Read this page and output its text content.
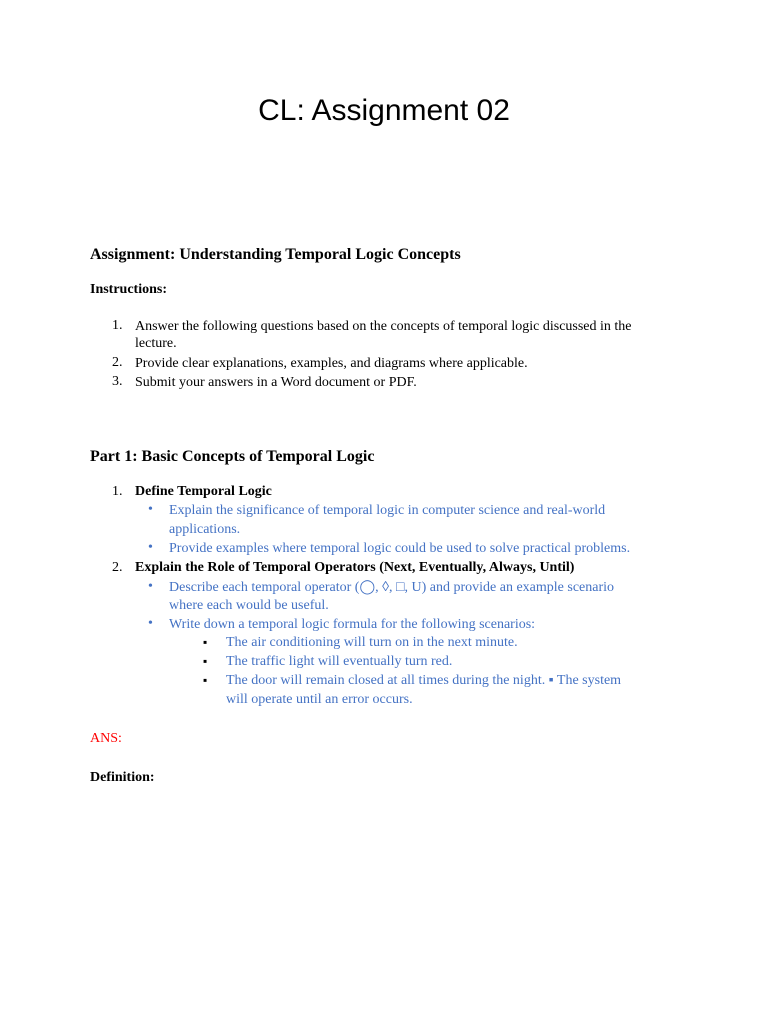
CL: Assignment 02
Assignment: Understanding Temporal Logic Concepts
Instructions:
1. Answer the following questions based on the concepts of temporal logic discussed in the
lecture.
2. Provide clear explanations, examples, and diagrams where applicable.
3. Submit your answers in a Word document or PDF.
Part 1: Basic Concepts of Temporal Logic
1. Define Temporal Logic
• Explain the significance of temporal logic in computer science and real-world
applications.
• Provide examples where temporal logic could be used to solve practical problems.
2. Explain the Role of Temporal Operators (Next, Eventually, Always, Until)
• Describe each temporal operator (◯, ◊, □, U) and provide an example scenario
where each would be useful.
• Write down a temporal logic formula for the following scenarios:
▪ The air conditioning will turn on in the next minute.
▪ The traffic light will eventually turn red.
▪ The door will remain closed at all times during the night. ▪ The system
will operate until an error occurs.
ANS:
Definition:
